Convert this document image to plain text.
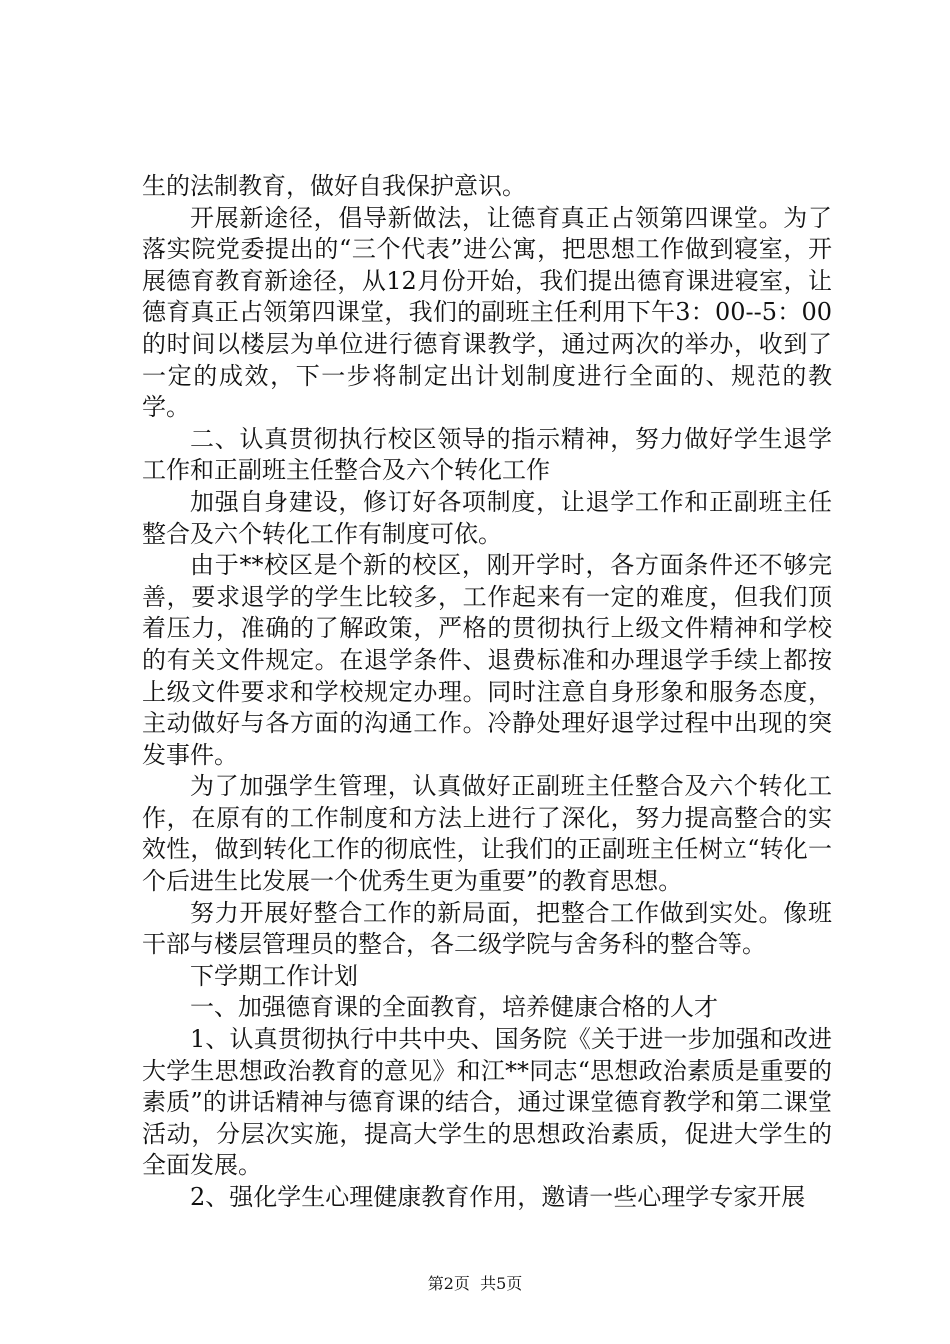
生的法制教育，做好自我保护意识。

开展新途径，倡导新做法，让德育真正占领第四课堂。为了落实院党委提出的“三个代表”进公寓，把思想工作做到寝室，开展德育教育新途径，从12月份开始，我们提出德育课进寝室，让德育真正占领第四课堂，我们的副班主任利用下午3：00--5：00的时间以楼层为单位进行德育课教学，通过两次的举办，收到了一定的成效，下一步将制定出计划制度进行全面的、规范的教学。

二、认真贯彻执行校区领导的指示精神，努力做好学生退学工作和正副班主任整合及六个转化工作

加强自身建设，修订好各项制度，让退学工作和正副班主任整合及六个转化工作有制度可依。

由于**校区是个新的校区，刚开学时，各方面条件还不够完善，要求退学的学生比较多，工作起来有一定的难度，但我们顶着压力，准确的了解政策，严格的贯彻执行上级文件精神和学校的有关文件规定。在退学条件、退费标准和办理退学手续上都按上级文件要求和学校规定办理。同时注意自身形象和服务态度，主动做好与各方面的沟通工作。冷静处理好退学过程中出现的突发事件。

为了加强学生管理，认真做好正副班主任整合及六个转化工作，在原有的工作制度和方法上进行了深化，努力提高整合的实效性，做到转化工作的彻底性，让我们的正副班主任树立“转化一个后进生比发展一个优秀生更为重要”的教育思想。

努力开展好整合工作的新局面，把整合工作做到实处。像班干部与楼层管理员的整合，各二级学院与舍务科的整合等。

下学期工作计划

一、加强德育课的全面教育，培养健康合格的人才

1、认真贯彻执行中共中央、国务院《关于进一步加强和改进大学生思想政治教育的意见》和江**同志“思想政治素质是重要的素质”的讲话精神与德育课的结合，通过课堂德育教学和第二课堂活动，分层次实施，提高大学生的思想政治素质，促进大学生的全面发展。

2、强化学生心理健康教育作用，邀请一些心理学专家开展

第2页  共5页
